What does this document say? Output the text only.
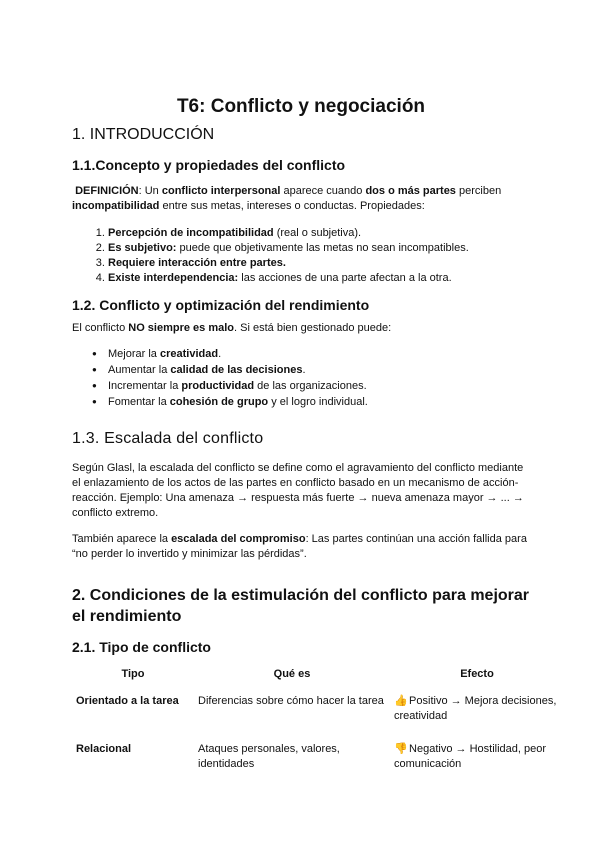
T6: Conflicto y negociación
1. INTRODUCCIÓN
1.1.Concepto y propiedades del conflicto

DEFINICIÓN: Un conflicto interpersonal aparece cuando dos o más partes perciben incompatibilidad entre sus metas, intereses o conductas. Propiedades:

1. Percepción de incompatibilidad (real o subjetiva).
2. Es subjetivo: puede que objetivamente las metas no sean incompatibles.
3. Requiere interacción entre partes.
4. Existe interdependencia: las acciones de una parte afectan a la otra.
1.2. Conflicto y optimización del rendimiento

El conflicto NO siempre es malo. Si está bien gestionado puede:

● Mejorar la creatividad.
● Aumentar la calidad de las decisiones.
● Incrementar la productividad de las organizaciones.
● Fomentar la cohesión de grupo y el logro individual.
1.3. Escalada del conflicto

Según Glasl, la escalada del conflicto se define como el agravamiento del conflicto mediante el enlazamiento de los actos de las partes en conflicto basado en un mecanismo de acción-reacción. Ejemplo: Una amenaza → respuesta más fuerte → nueva amenaza mayor → ... → conflicto extremo.

También aparece la escalada del compromiso: Las partes continúan una acción fallida para “no perder lo invertido y minimizar las pérdidas”.

2. Condiciones de la estimulación del conflicto para mejorar el rendimiento
2.1. Tipo de conflicto
Tipo	Qué es	Efecto
Orientado a la tarea	Diferencias sobre cómo hacer la tarea	👍 Positivo → Mejora decisiones, creatividad
Relacional	Ataques personales, valores, identidades	👎 Negativo → Hostilidad, peor comunicación
